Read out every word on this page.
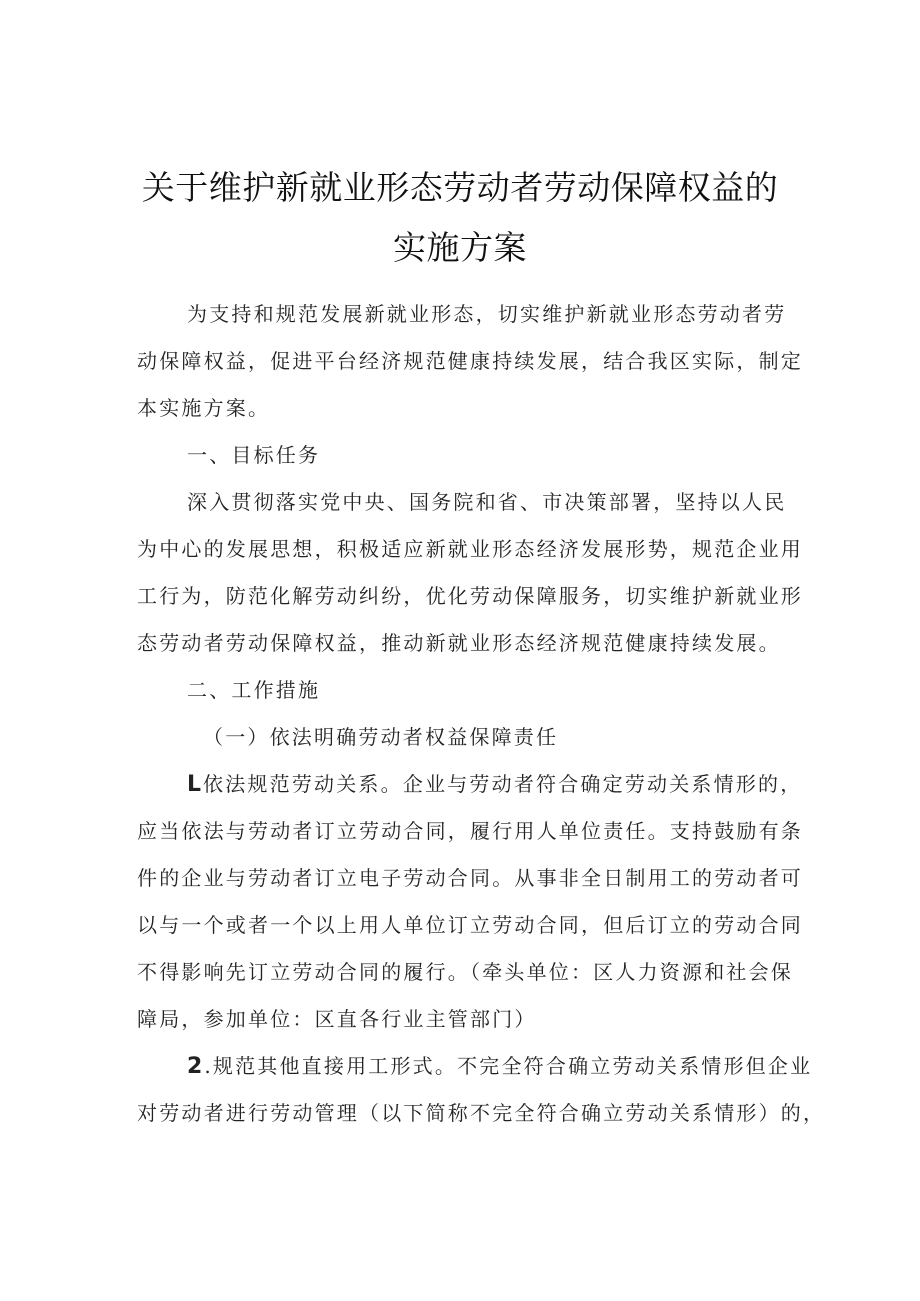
关于维护新就业形态劳动者劳动保障权益的
实施方案
为支持和规范发展新就业形态，切实维护新就业形态劳动者劳
动保障权益，促进平台经济规范健康持续发展，结合我区实际，制定
本实施方案。
一、目标任务
深入贯彻落实党中央、国务院和省、市决策部署，坚持以人民
为中心的发展思想，积极适应新就业形态经济发展形势，规范企业用
工行为，防范化解劳动纠纷，优化劳动保障服务，切实维护新就业形
态劳动者劳动保障权益，推动新就业形态经济规范健康持续发展。
二、工作措施
（一）依法明确劳动者权益保障责任
L 依法规范劳动关系。企业与劳动者符合确定劳动关系情形的，
应当依法与劳动者订立劳动合同，履行用人单位责任。支持鼓励有条
件的企业与劳动者订立电子劳动合同。从事非全日制用工的劳动者可
以与一个或者一个以上用人单位订立劳动合同，但后订立的劳动合同
不得影响先订立劳动合同的履行。（牵头单位：区人力资源和社会保
障局，参加单位：区直各行业主管部门）
2 .规范其他直接用工形式。不完全符合确立劳动关系情形但企业
对劳动者进行劳动管理（以下简称不完全符合确立劳动关系情形）的，
